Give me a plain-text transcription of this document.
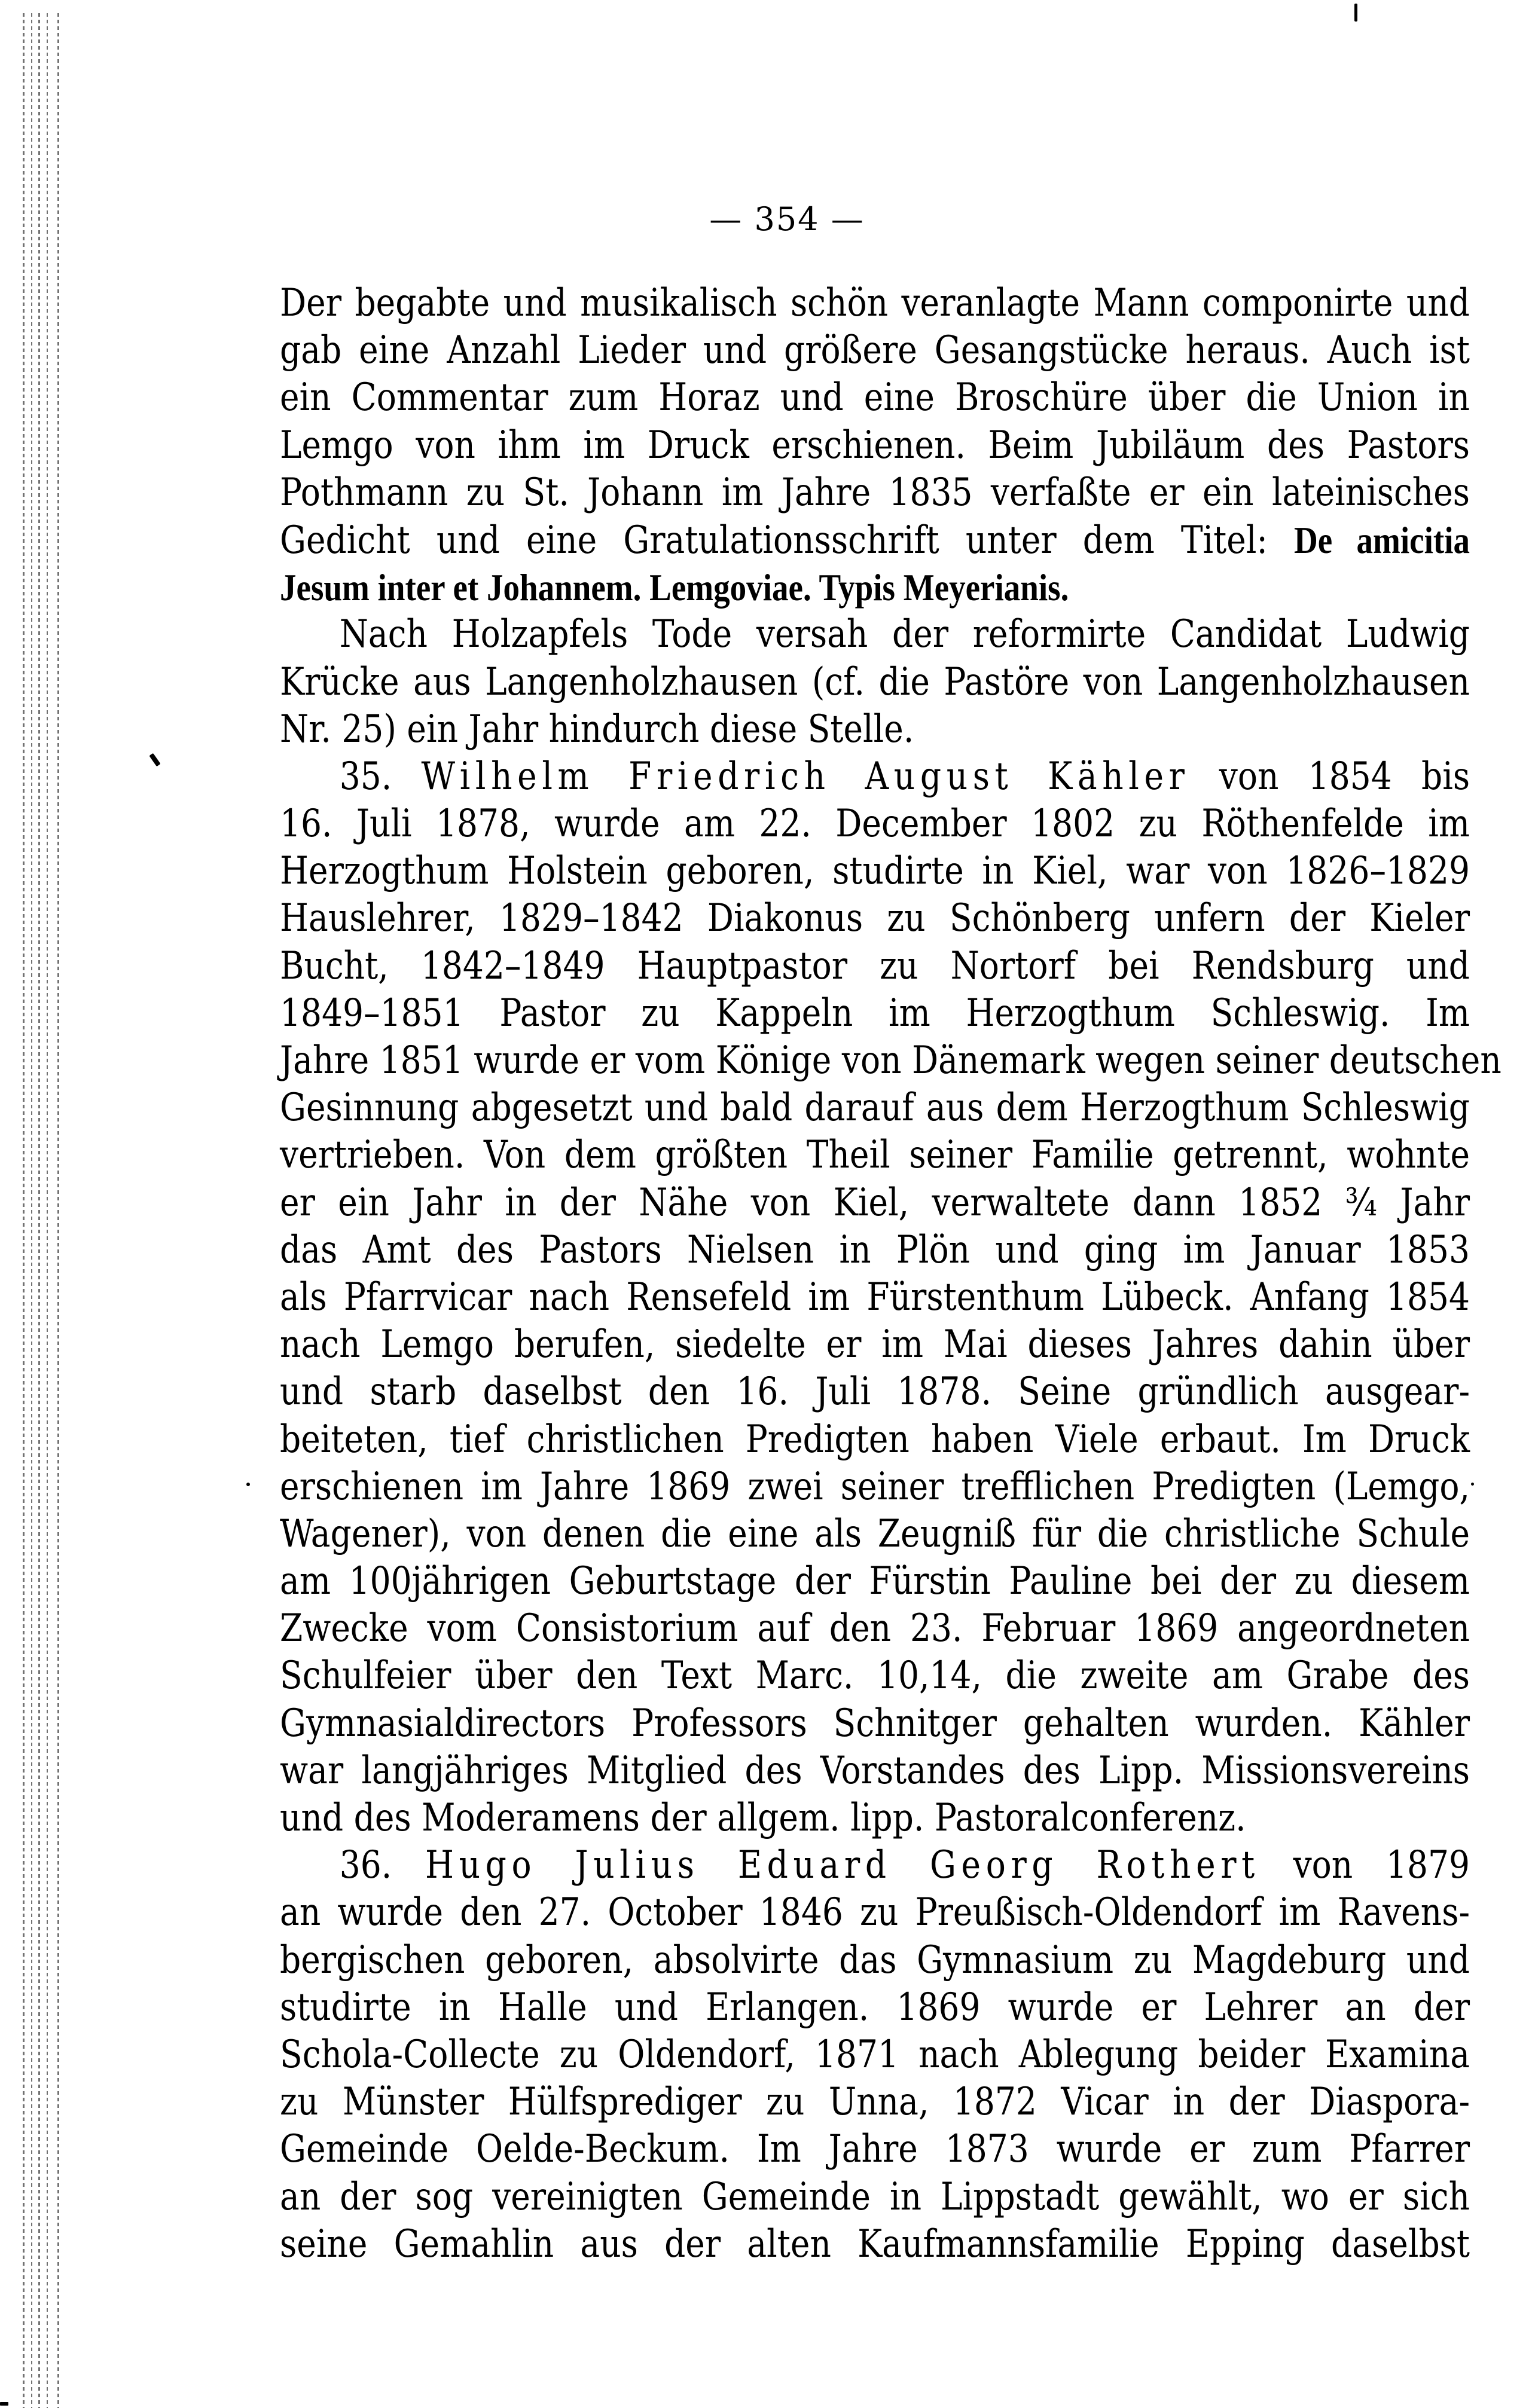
— 354 —
Der begabte und musikalisch schön veranlagte Mann componirte und
gab eine Anzahl Lieder und größere Gesangstücke heraus. Auch ist
ein Commentar zum Horaz und eine Broschüre über die Union in
Lemgo von ihm im Druck erschienen. Beim Jubiläum des Pastors
Pothmann zu St. Johann im Jahre 1835 verfaßte er ein lateinisches
Gedicht und eine Gratulationsschrift unter dem Titel: De amicitia
Jesum inter et Johannem. Lemgoviae. Typis Meyerianis.
Nach Holzapfels Tode versah der reformirte Candidat Ludwig
Krücke aus Langenholzhausen (cf. die Pastöre von Langenholzhausen
Nr. 25) ein Jahr hindurch diese Stelle.
35. Wilhelm Friedrich August Kähler von 1854 bis
16. Juli 1878, wurde am 22. December 1802 zu Röthenfelde im
Herzogthum Holstein geboren, studirte in Kiel, war von 1826–1829
Hauslehrer, 1829–1842 Diakonus zu Schönberg unfern der Kieler
Bucht, 1842–1849 Hauptpastor zu Nortorf bei Rendsburg und
1849–1851 Pastor zu Kappeln im Herzogthum Schleswig. Im
Jahre 1851 wurde er vom Könige von Dänemark wegen seiner deutschen
Gesinnung abgesetzt und bald darauf aus dem Herzogthum Schleswig
vertrieben. Von dem größten Theil seiner Familie getrennt, wohnte
er ein Jahr in der Nähe von Kiel, verwaltete dann 1852 ¾ Jahr
das Amt des Pastors Nielsen in Plön und ging im Januar 1853
als Pfarrvicar nach Rensefeld im Fürstenthum Lübeck. Anfang 1854
nach Lemgo berufen, siedelte er im Mai dieses Jahres dahin über
und starb daselbst den 16. Juli 1878. Seine gründlich ausgear-
beiteten, tief christlichen Predigten haben Viele erbaut. Im Druck
erschienen im Jahre 1869 zwei seiner trefflichen Predigten (Lemgo,
Wagener), von denen die eine als Zeugniß für die christliche Schule
am 100jährigen Geburtstage der Fürstin Pauline bei der zu diesem
Zwecke vom Consistorium auf den 23. Februar 1869 angeordneten
Schulfeier über den Text Marc. 10,14, die zweite am Grabe des
Gymnasialdirectors Professors Schnitger gehalten wurden. Kähler
war langjähriges Mitglied des Vorstandes des Lipp. Missionsvereins
und des Moderamens der allgem. lipp. Pastoralconferenz.
36. Hugo Julius Eduard Georg Rothert von 1879
an wurde den 27. October 1846 zu Preußisch-Oldendorf im Ravens-
bergischen geboren, absolvirte das Gymnasium zu Magdeburg und
studirte in Halle und Erlangen. 1869 wurde er Lehrer an der
Schola-Collecte zu Oldendorf, 1871 nach Ablegung beider Examina
zu Münster Hülfsprediger zu Unna, 1872 Vicar in der Diaspora-
Gemeinde Oelde-Beckum. Im Jahre 1873 wurde er zum Pfarrer
an der sog vereinigten Gemeinde in Lippstadt gewählt, wo er sich
seine Gemahlin aus der alten Kaufmannsfamilie Epping daselbst
